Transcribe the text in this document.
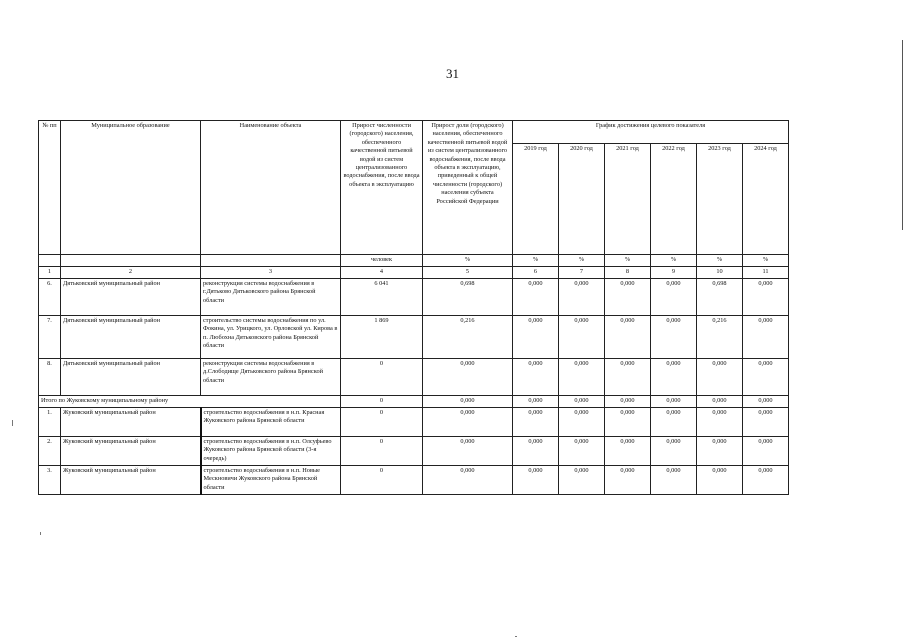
31
№ пп	Муниципальное образование	Наименование объекта	Прирост численности (городского) населения, обеспеченного качественной питьевой водой из систем централизованного водоснабжения, после ввода объекта в эксплуатацию	Прирост доли (городского) населения, обеспеченного качественной питьевой водой из систем централизованного водоснабжения, после ввода объекта в эксплуатацию, приведенный к общей численности (городского) населения субъекта Российской Федерации	График достижения целевого показателя					
					2019 год	2020 год	2021 год	2022 год	2023 год	2024 год
			человек	%	%	%	%	%	%	%
1	2	3	4	5	6	7	8	9	10	11
6.	Дятьковский муниципальный район	реконструкция системы водоснабжения в г.Дятьково Дятьковского района Брянской области	6 041	0,698	0,000	0,000	0,000	0,000	0,698	0,000
7.	Дятьковский муниципальный район	строительство системы водоснабжения по ул. Фокина, ул. Урицкого, ул. Орловской ул. Кирова в п. Любохна Дятьковского района Брянской области	1 869	0,216	0,000	0,000	0,000	0,000	0,216	0,000
8.	Дятьковский муниципальный район	реконструкция системы водоснабжения в д.Слободище Дятьковского района Брянской области	0	0,000	0,000	0,000	0,000	0,000	0,000	0,000
Итого по Жуковскому муниципальному району			0	0,000	0,000	0,000	0,000	0,000	0,000	0,000
1.	Жуковский муниципальный район	строительство водоснабжения в н.п. Красная Жуковского района Брянской области	0	0,000	0,000	0,000	0,000	0,000	0,000	0,000
2.	Жуковский муниципальный район	строительство водоснабжения в н.п. Олсуфьево Жуковского района Брянской области (3-я очередь)	0	0,000	0,000	0,000	0,000	0,000	0,000	0,000
3.	Жуковский муниципальный район	строительство водоснабжения в н.п. Новые Мескновичи Жуковского района Брянской области	0	0,000	0,000	0,000	0,000	0,000	0,000	0,000
